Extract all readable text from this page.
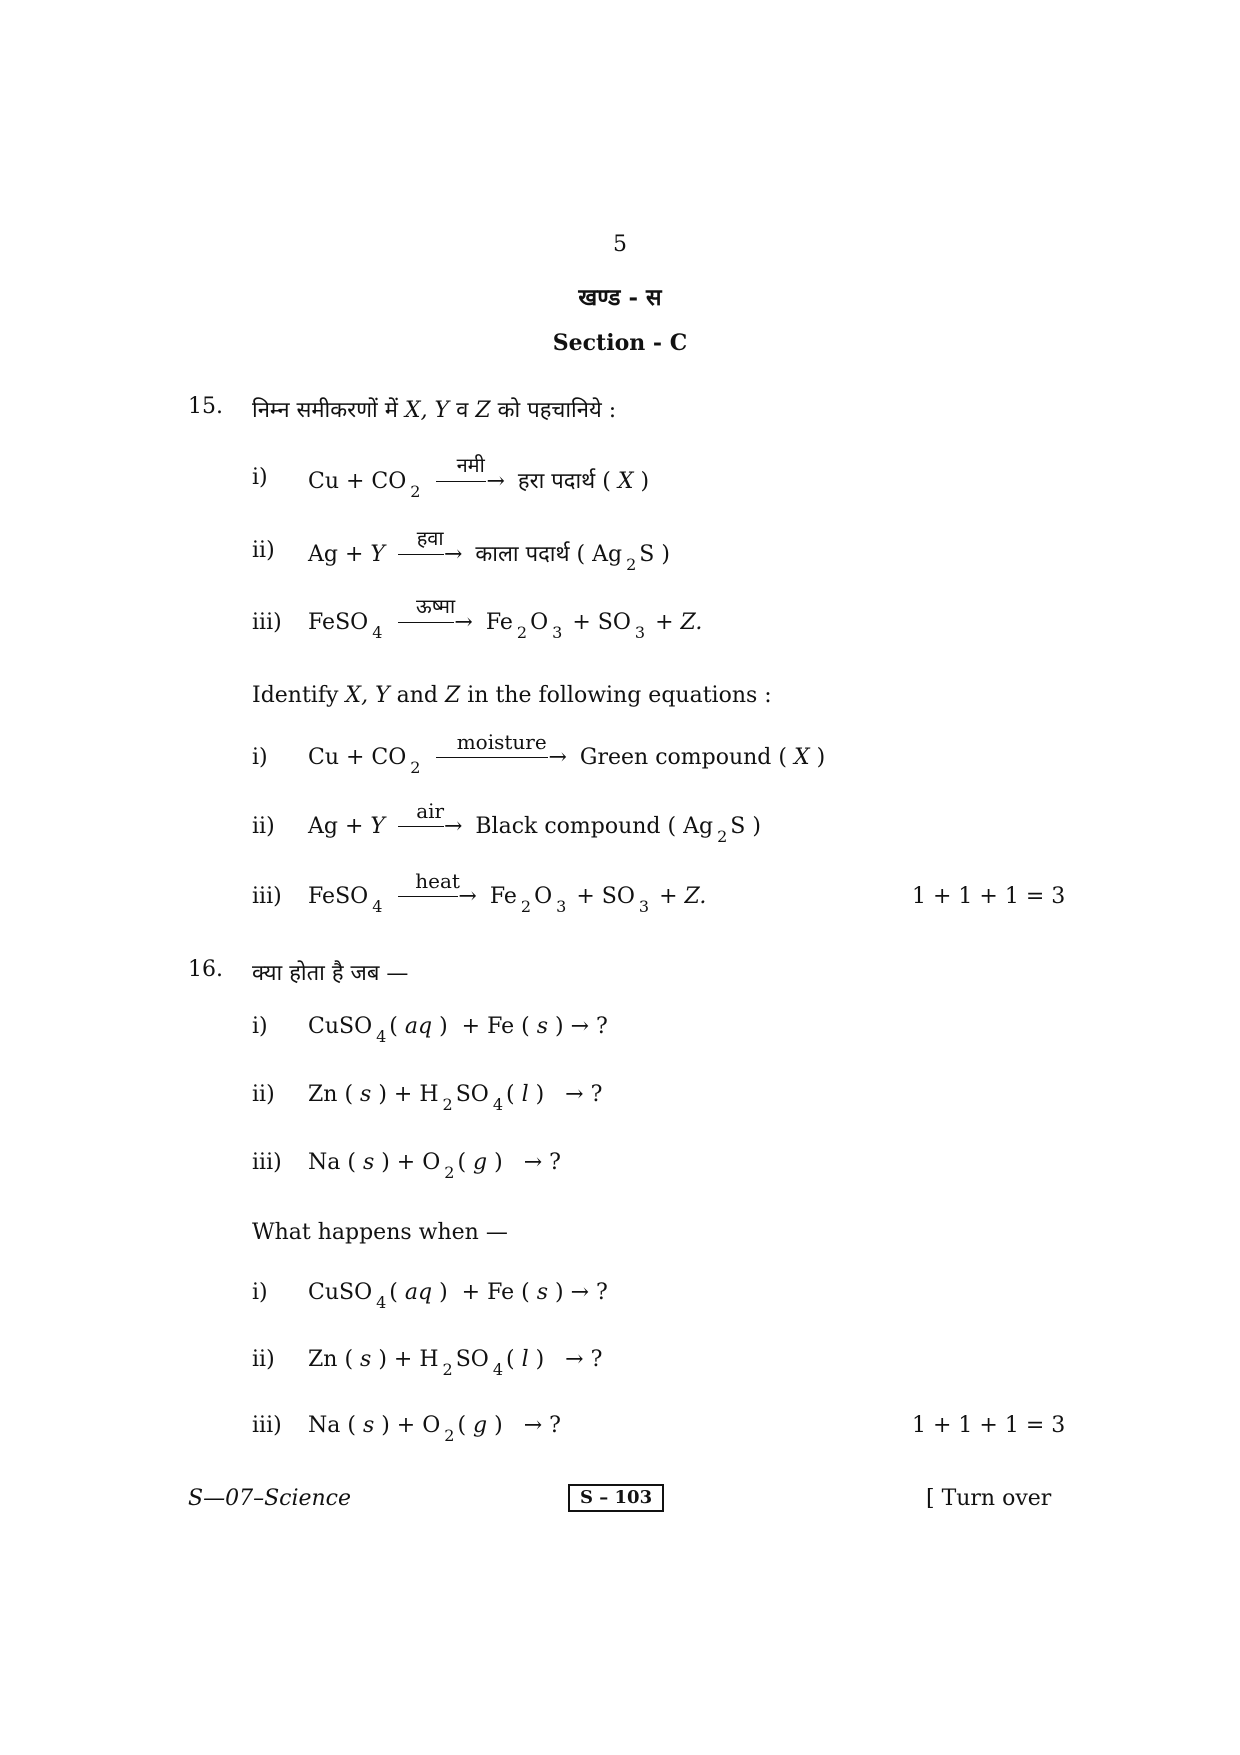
5
खण्ड - स
Section - C
15. निम्न समीकरणों में X, Y व Z को पहचानिये :
i) Cu + CO $_2$
नमी
→ हरा पदार्थ ( X )
ii) Ag + Y
हवा
→ काला पदार्थ ( Ag $_2$ S )
iii) FeSO $_4$
ऊष्मा
→ Fe $_2$ O $_3$ + SO $_3$ + Z.
Identify X, Y and Z in the following equations :
i) Cu + CO $_2$
moisture
→ Green compound ( X )
ii) Ag + Y
air
→ Black compound ( Ag $_2$ S )
iii) FeSO $_4$
heat
→ Fe $_2$ O $_3$ + SO $_3$ + Z.	1 + 1 + 1 = 3
16. क्या होता है जब —
i) CuSO $_4$ ( aq )  + Fe ( s ) → ?
ii) Zn ( s ) + H $_2$ SO $_4$ ( l )   → ?
iii) Na ( s ) + O $_2$ ( g )   → ?
What happens when —
i) CuSO $_4$ ( aq )  + Fe ( s ) → ?
ii) Zn ( s ) + H $_2$ SO $_4$ ( l )   → ?
iii) Na ( s ) + O $_2$ ( g )   → ?	1 + 1 + 1 = 3
S—07–Science	S – 103	[ Turn over
